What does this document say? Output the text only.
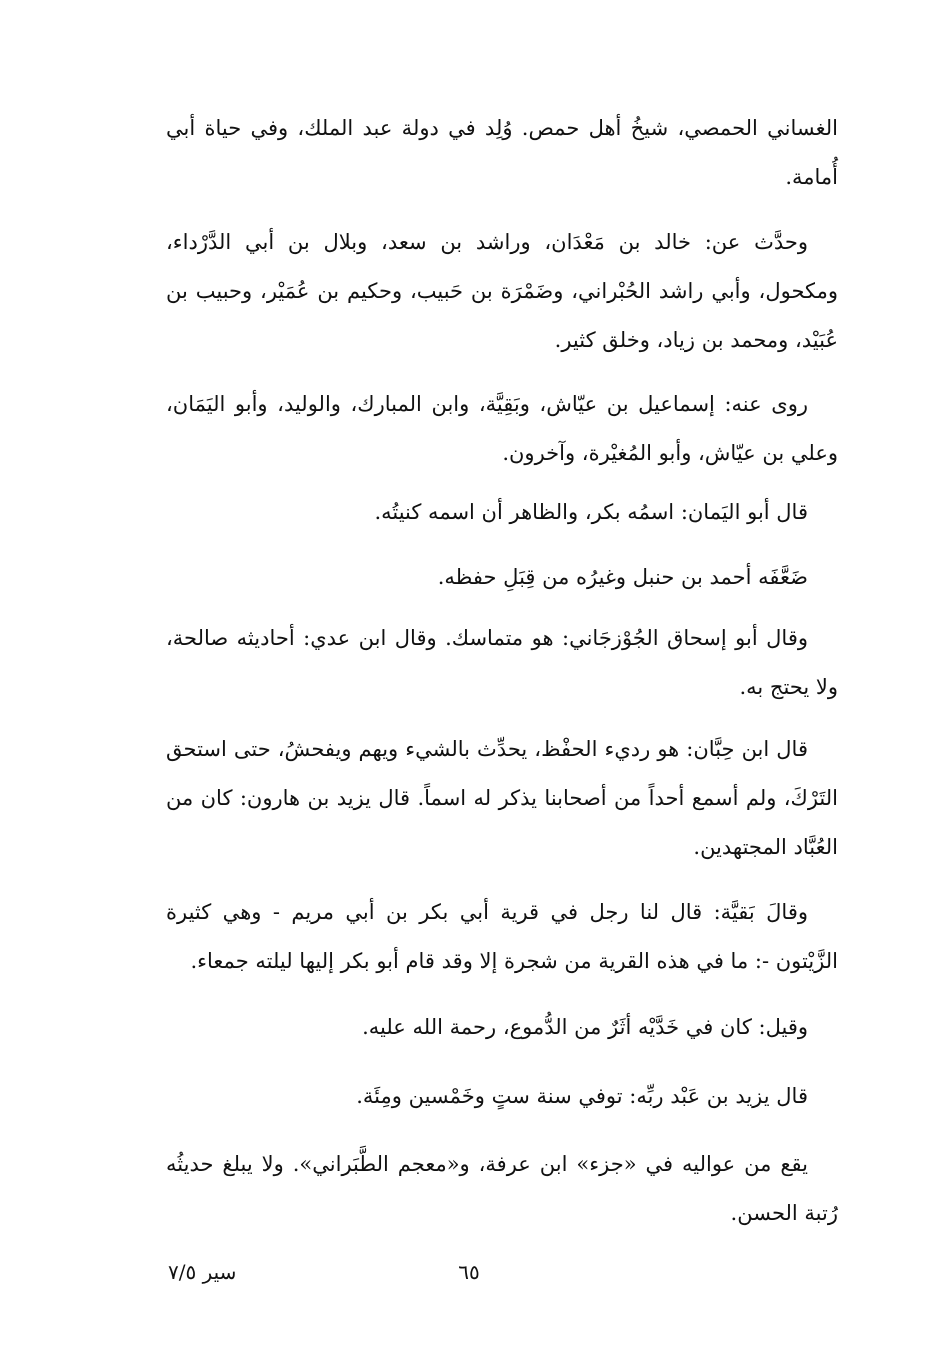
الغساني الحمصي، شيخُ أهل حمص. وُلِد في دولة عبد الملك، وفي حياة أبي أُمامة.

وحدَّث عن: خالد بن مَعْدَان، وراشد بن سعد، وبلال بن أبي الدَّرْداء، ومكحول، وأبي راشد الحُبْراني، وضَمْرَة بن حَبيب، وحكيم بن عُمَيْر، وحبيب بن عُبَيْد، ومحمد بن زياد، وخلق كثير.

روى عنه: إسماعيل بن عيّاش، وبَقِيَّة، وابن المبارك، والوليد، وأبو اليَمَان، وعلي بن عيّاش، وأبو المُغيْرة، وآخرون.

قال أبو اليَمان: اسمُه بكر، والظاهر أن اسمه كنيتُه.

ضَعَّفَه أحمد بن حنبل وغيرُه من قِبَلِ حفظه.

وقال أبو إسحاق الجُوْزجَاني: هو متماسك. وقال ابن عدي: أحاديثه صالحة، ولا يحتج به.

قال ابن حِبَّان: هو رديء الحفْظ، يحدِّث بالشيء ويهم ويفحشُ، حتى استحق التَرْكَ، ولم أسمع أحداً من أصحابنا يذكر له اسماً. قال يزيد بن هارون: كان من العُبَّاد المجتهدين.

وقالَ بَقيَّة: قال لنا رجل في قرية أبي بكر بن أبي مريم - وهي كثيرة الزَّيْتون -: ما في هذه القرية من شجرة إلا وقد قام أبو بكر إليها ليلته جمعاء.

وقيل: كان في خَدَّيْه أثَرٌ من الدُّموع، رحمة الله عليه.

قال يزيد بن عَبْد ربِّه: توفي سنة ستٍ وخَمْسين ومِئَة.

يقع من عواليه في «جزء» ابن عرفة، و«معجم الطَّبَراني». ولا يبلغ حديثُه رُتبة الحسن.

٦٥
سير ٧/٥
